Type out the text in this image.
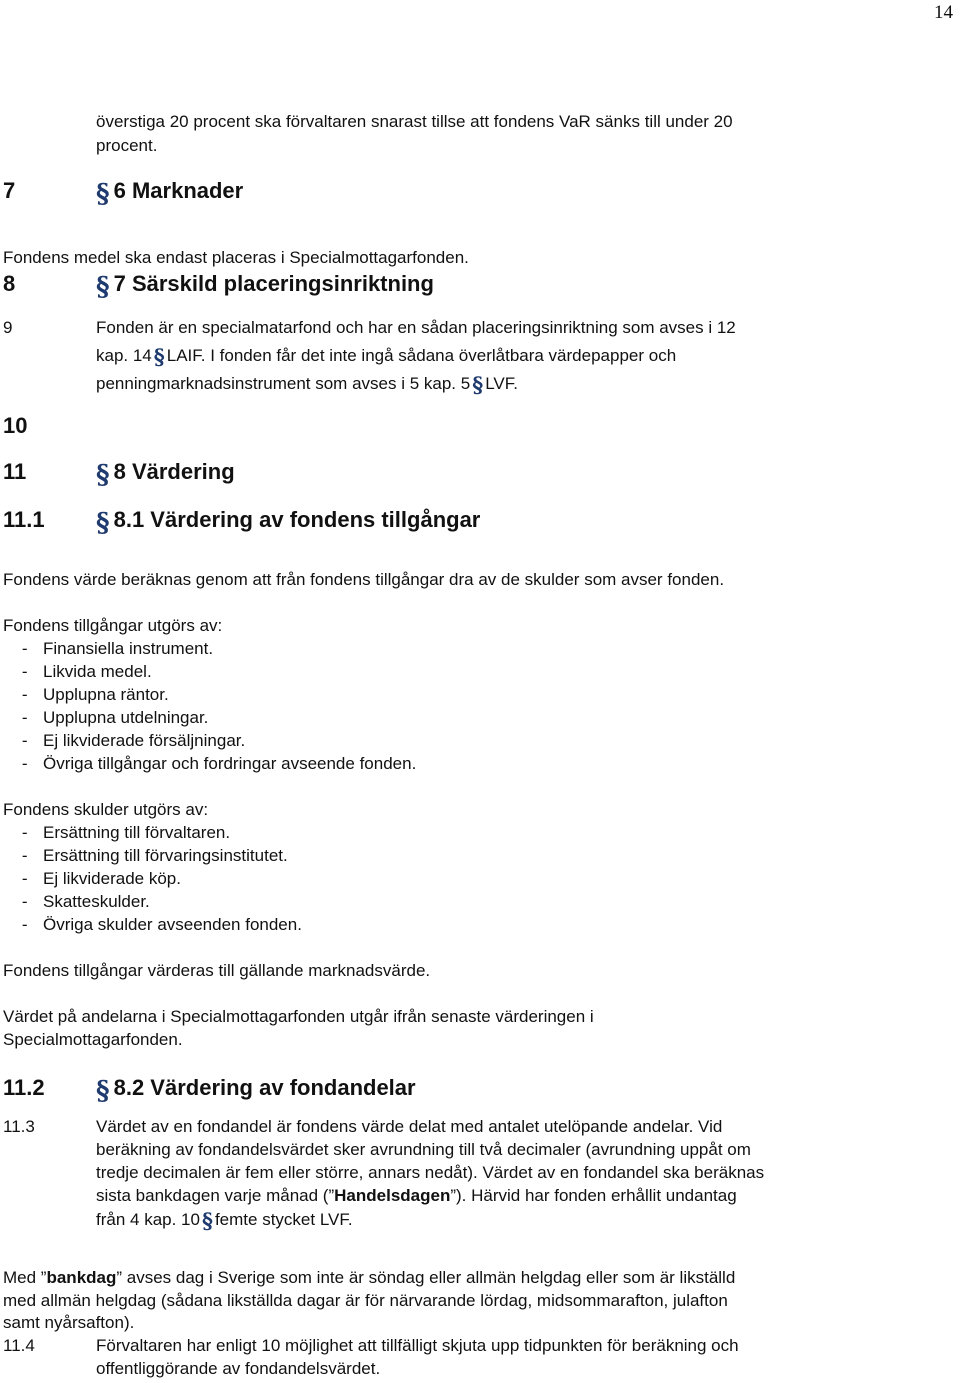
14
överstiga 20 procent ska förvaltaren snarast tillse att fondens VaR sänks till under 20
procent.
7	§ 6 Marknader
Fondens medel ska endast placeras i Specialmottagarfonden.
8	§ 7 Särskild placeringsinriktning
9	Fonden är en specialmatarfond och har en sådan placeringsinriktning som avses i 12
kap. 14§ LAIF. I fonden får det inte ingå sådana överlåtbara värdepapper och
penningmarknadsinstrument som avses i 5 kap. 5§ LVF.
10
11	§ 8 Värdering
11.1 § 8.1 Värdering av fondens tillgångar
Fondens värde beräknas genom att från fondens tillgångar dra av de skulder som avser fonden.
Fondens tillgångar utgörs av:
- Finansiella instrument.
- Likvida medel.
- Upplupna räntor.
- Upplupna utdelningar.
- Ej likviderade försäljningar.
- Övriga tillgångar och fordringar avseende fonden.
Fondens skulder utgörs av:
- Ersättning till förvaltaren.
- Ersättning till förvaringsinstitutet.
- Ej likviderade köp.
- Skatteskulder.
- Övriga skulder avseenden fonden.
Fondens tillgångar värderas till gällande marknadsvärde.
Värdet på andelarna i Specialmottagarfonden utgår ifrån senaste värderingen i
Specialmottagarfonden.
11.2 § 8.2 Värdering av fondandelar
11.3	Värdet av en fondandel är fondens värde delat med antalet utelöpande andelar. Vid
beräkning av fondandelsvärdet sker avrundning till två decimaler (avrundning uppåt om
tredje decimalen är fem eller större, annars nedåt). Värdet av en fondandel ska beräknas
sista bankdagen varje månad (”Handelsdagen”). Härvid har fonden erhållit undantag
från 4 kap. 10§ femte stycket LVF.
Med ”bankdag” avses dag i Sverige som inte är söndag eller allmän helgdag eller som är likställd
med allmän helgdag (sådana likställda dagar är för närvarande lördag, midsommarafton, julafton
samt nyårsafton).
11.4	Förvaltaren har enligt 10 möjlighet att tillfälligt skjuta upp tidpunkten för beräkning och
offentliggörande av fondandelsvärdet.
